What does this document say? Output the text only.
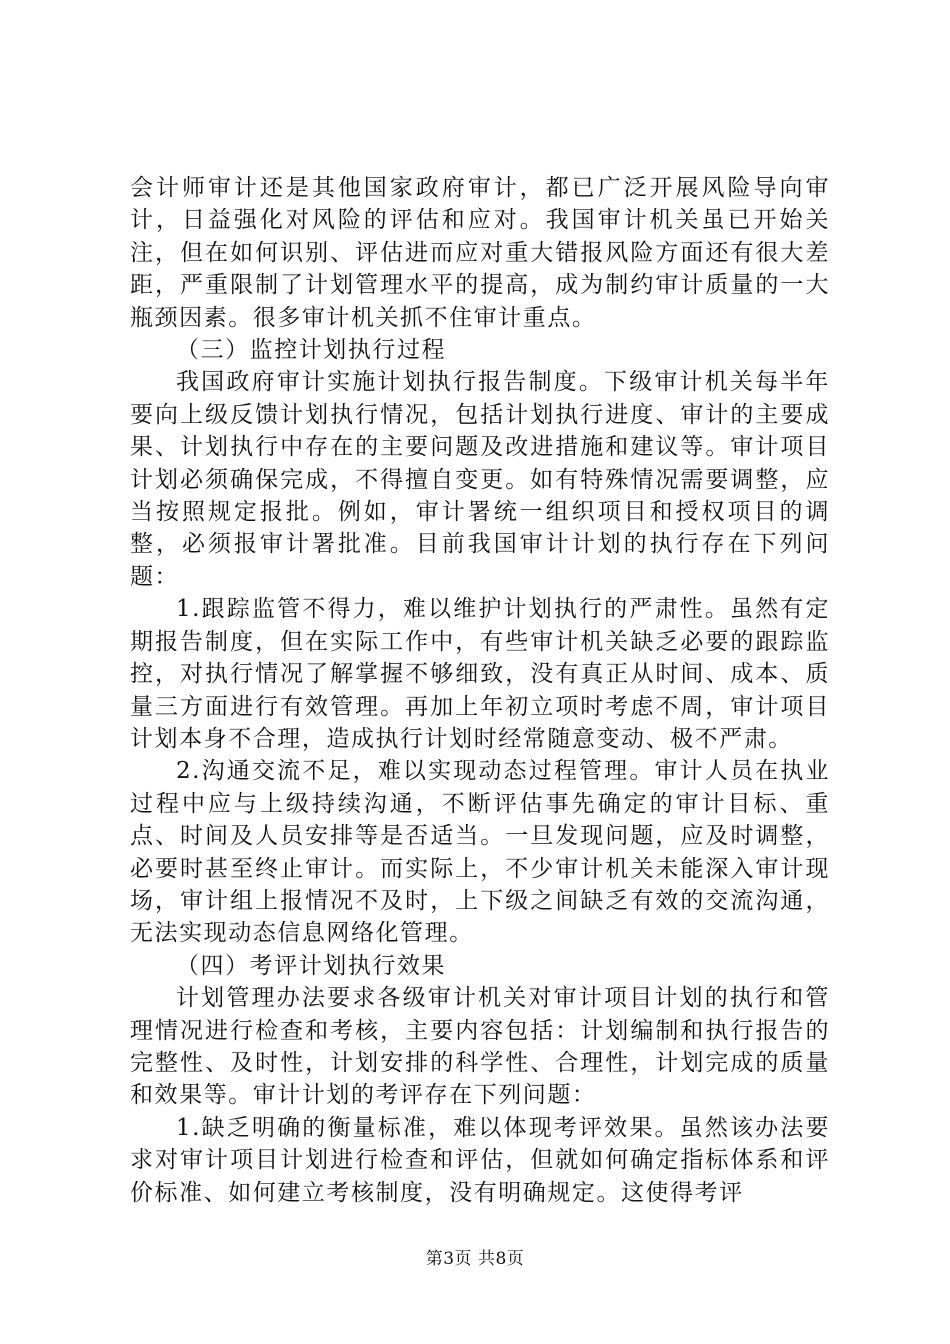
会计师审计还是其他国家政府审计，都已广泛开展风险导向审计，日益强化对风险的评估和应对。我国审计机关虽已开始关注，但在如何识别、评估进而应对重大错报风险方面还有很大差距，严重限制了计划管理水平的提高，成为制约审计质量的一大瓶颈因素。很多审计机关抓不住审计重点。

（三）监控计划执行过程

我国政府审计实施计划执行报告制度。下级审计机关每半年要向上级反馈计划执行情况，包括计划执行进度、审计的主要成果、计划执行中存在的主要问题及改进措施和建议等。审计项目计划必须确保完成，不得擅自变更。如有特殊情况需要调整，应当按照规定报批。例如，审计署统一组织项目和授权项目的调整，必须报审计署批准。目前我国审计计划的执行存在下列问题：

1.跟踪监管不得力，难以维护计划执行的严肃性。虽然有定期报告制度，但在实际工作中，有些审计机关缺乏必要的跟踪监控，对执行情况了解掌握不够细致，没有真正从时间、成本、质量三方面进行有效管理。再加上年初立项时考虑不周，审计项目计划本身不合理，造成执行计划时经常随意变动、极不严肃。

2.沟通交流不足，难以实现动态过程管理。审计人员在执业过程中应与上级持续沟通，不断评估事先确定的审计目标、重点、时间及人员安排等是否适当。一旦发现问题，应及时调整，必要时甚至终止审计。而实际上，不少审计机关未能深入审计现场，审计组上报情况不及时，上下级之间缺乏有效的交流沟通，无法实现动态信息网络化管理。

（四）考评计划执行效果

计划管理办法要求各级审计机关对审计项目计划的执行和管理情况进行检查和考核，主要内容包括：计划编制和执行报告的完整性、及时性，计划安排的科学性、合理性，计划完成的质量和效果等。审计计划的考评存在下列问题：

1.缺乏明确的衡量标准，难以体现考评效果。虽然该办法要求对审计项目计划进行检查和评估，但就如何确定指标体系和评价标准、如何建立考核制度，没有明确规定。这使得考评

第3页 共8页
